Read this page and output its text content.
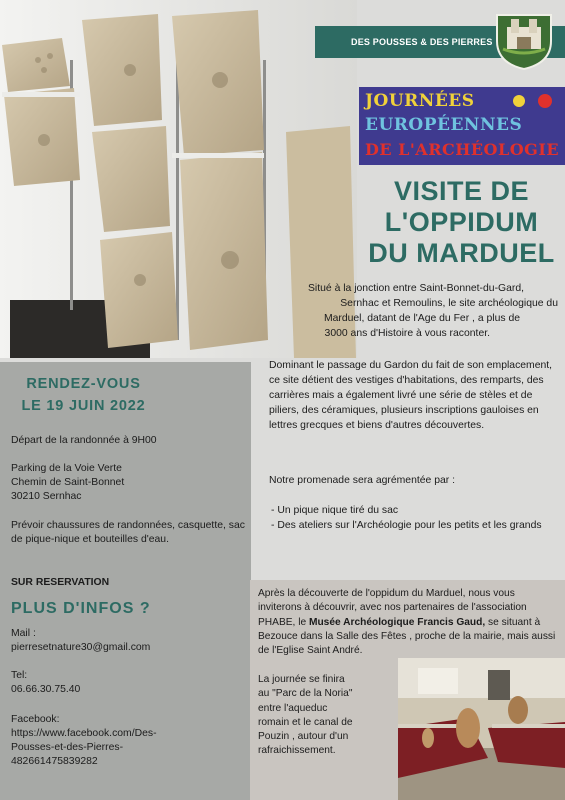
DES POUSSES & DES PIERRES
JOURNÉES
EUROPÉENNES
DE L'ARCHÉOLOGIE
VISITE DE
L'OPPIDUM
DU MARDUEL
Situé à la jonction entre Saint-Bonnet-du-Gard,
Sernhac et Remoulins, le site archéologique du
Marduel, datant de l'Age du Fer , a plus de
3000 ans d'Histoire à vous raconter.
Dominant le passage du Gardon du fait de son emplacement, ce site détient des vestiges d'habitations, des remparts, des carrières mais a également livré une série de stèles et de piliers, des céramiques, plusieurs inscriptions gauloises en lettres grecques et biens d'autres découvertes.
Notre promenade sera agrémentée par :
- Un pique nique tiré du sac
- Des ateliers sur l'Archéologie pour les petits et les grands
RENDEZ-VOUS
LE 19 JUIN 2022
Départ de la randonnée à 9H00
Parking de la Voie Verte
Chemin de Saint-Bonnet
30210 Sernhac
Prévoir chaussures de randonnées, casquette, sac de pique-nique et bouteilles d'eau.
SUR RESERVATION
PLUS D'INFOS ?
Mail :
pierresetnature30@gmail.com
Tel:
06.66.30.75.40
Facebook:
https://www.facebook.com/Des-
Pousses-et-des-Pierres-
482661475839282
Après la découverte de l'oppidum du Marduel, nous vous inviterons à découvrir, avec nos partenaires de l'association PHABE, le Musée Archéologique Francis Gaud, se situant à Bezouce dans la Salle des Fêtes , proche de la mairie, mais aussi de l'Eglise Saint André.
La journée se finira
au "Parc de la Noria"
entre l'aqueduc
romain et le canal de
Pouzin , autour d'un
rafraichissement.
